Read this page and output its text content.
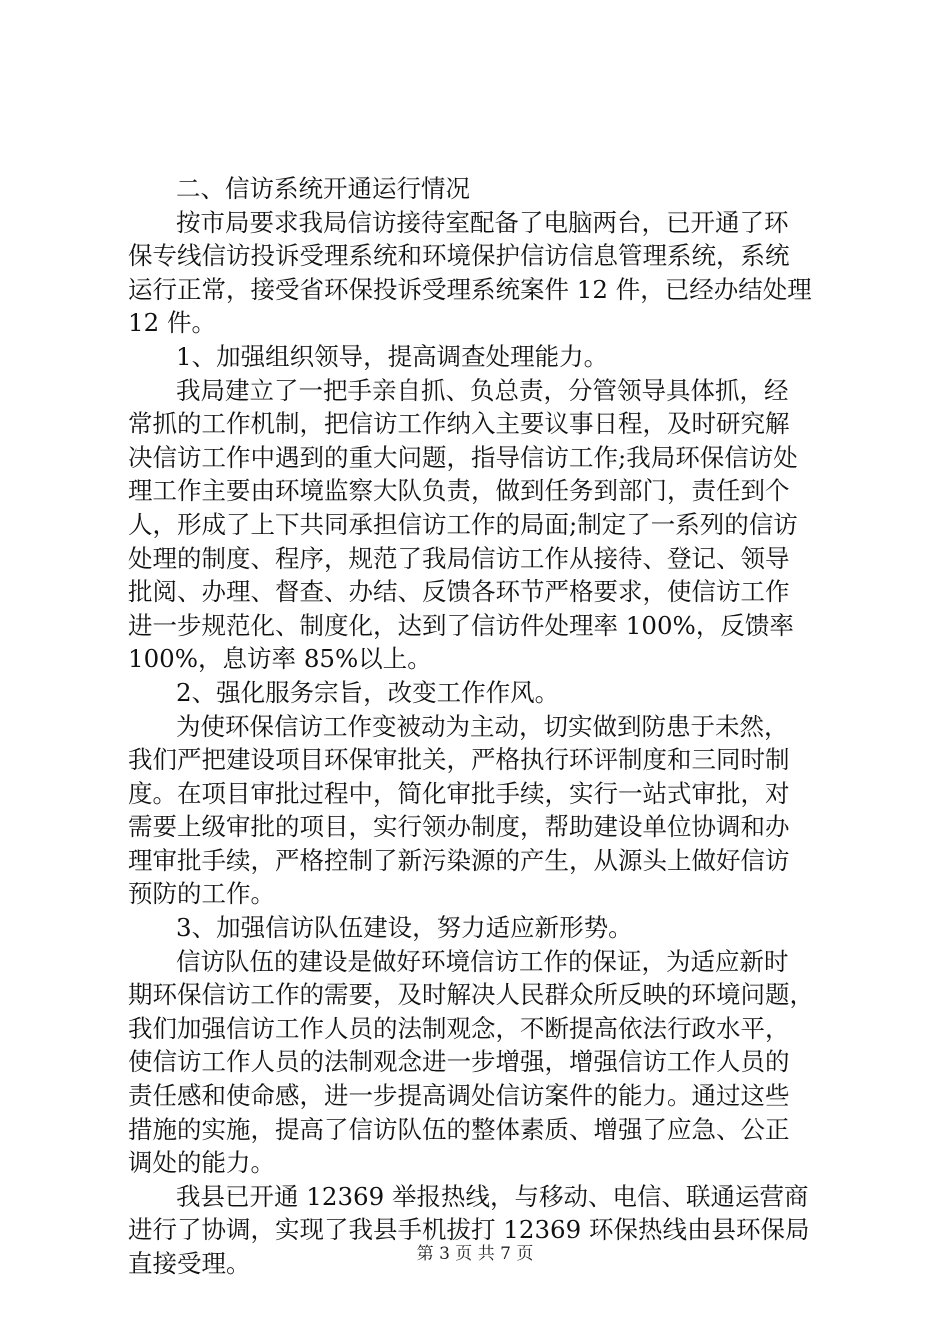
二、信访系统开通运行情况
按市局要求我局信访接待室配备了电脑两台，已开通了环
保专线信访投诉受理系统和环境保护信访信息管理系统，系统
运行正常，接受省环保投诉受理系统案件 12 件，已经办结处理
12 件。
1、加强组织领导，提高调查处理能力。
我局建立了一把手亲自抓、负总责，分管领导具体抓，经
常抓的工作机制，把信访工作纳入主要议事日程，及时研究解
决信访工作中遇到的重大问题，指导信访工作;我局环保信访处
理工作主要由环境监察大队负责，做到任务到部门，责任到个
人，形成了上下共同承担信访工作的局面;制定了一系列的信访
处理的制度、程序，规范了我局信访工作从接待、登记、领导
批阅、办理、督查、办结、反馈各环节严格要求，使信访工作
进一步规范化、制度化，达到了信访件处理率 100%，反馈率
100%，息访率 85%以上。
2、强化服务宗旨，改变工作作风。
为使环保信访工作变被动为主动，切实做到防患于未然，
我们严把建设项目环保审批关，严格执行环评制度和三同时制
度。在项目审批过程中，简化审批手续，实行一站式审批，对
需要上级审批的项目，实行领办制度，帮助建设单位协调和办
理审批手续，严格控制了新污染源的产生，从源头上做好信访
预防的工作。
3、加强信访队伍建设，努力适应新形势。
信访队伍的建设是做好环境信访工作的保证，为适应新时
期环保信访工作的需要，及时解决人民群众所反映的环境问题，
我们加强信访工作人员的法制观念，不断提高依法行政水平，
使信访工作人员的法制观念进一步增强，增强信访工作人员的
责任感和使命感，进一步提高调处信访案件的能力。通过这些
措施的实施，提高了信访队伍的整体素质、增强了应急、公正
调处的能力。
我县已开通 12369 举报热线，与移动、电信、联通运营商
进行了协调，实现了我县手机拔打 12369 环保热线由县环保局
直接受理。	第 3 页 共 7 页
